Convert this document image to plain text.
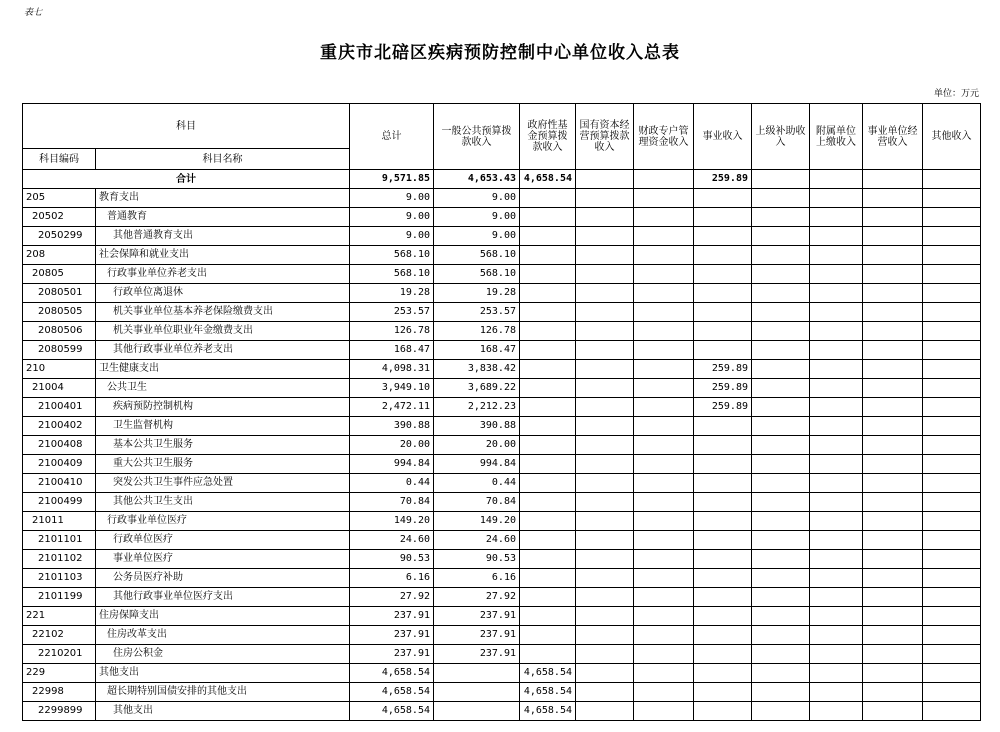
表七
重庆市北碚区疾病预防控制中心单位收入总表
单位：万元
科目		总计	一般公共预算拨款收入	政府性基金预算拨款收入	国有资本经营预算拨款收入	财政专户管理资金收入	事业收入	上级补助收入	附属单位上缴收入	事业单位经营收入	其他收入
科目编码	科目名称										
合计		9,571.85	4,653.43	4,658.54			259.89				
205	教育支出	9.00	9.00								
20502	普通教育	9.00	9.00								
2050299	其他普通教育支出	9.00	9.00								
208	社会保障和就业支出	568.10	568.10								
20805	行政事业单位养老支出	568.10	568.10								
2080501	行政单位离退休	19.28	19.28								
2080505	机关事业单位基本养老保险缴费支出	253.57	253.57								
2080506	机关事业单位职业年金缴费支出	126.78	126.78								
2080599	其他行政事业单位养老支出	168.47	168.47								
210	卫生健康支出	4,098.31	3,838.42				259.89				
21004	公共卫生	3,949.10	3,689.22				259.89				
2100401	疾病预防控制机构	2,472.11	2,212.23				259.89				
2100402	卫生监督机构	390.88	390.88								
2100408	基本公共卫生服务	20.00	20.00								
2100409	重大公共卫生服务	994.84	994.84								
2100410	突发公共卫生事件应急处置	0.44	0.44								
2100499	其他公共卫生支出	70.84	70.84								
21011	行政事业单位医疗	149.20	149.20								
2101101	行政单位医疗	24.60	24.60								
2101102	事业单位医疗	90.53	90.53								
2101103	公务员医疗补助	6.16	6.16								
2101199	其他行政事业单位医疗支出	27.92	27.92								
221	住房保障支出	237.91	237.91								
22102	住房改革支出	237.91	237.91								
2210201	住房公积金	237.91	237.91								
229	其他支出	4,658.54		4,658.54							
22998	超长期特别国债安排的其他支出	4,658.54		4,658.54							
2299899	其他支出	4,658.54		4,658.54							
